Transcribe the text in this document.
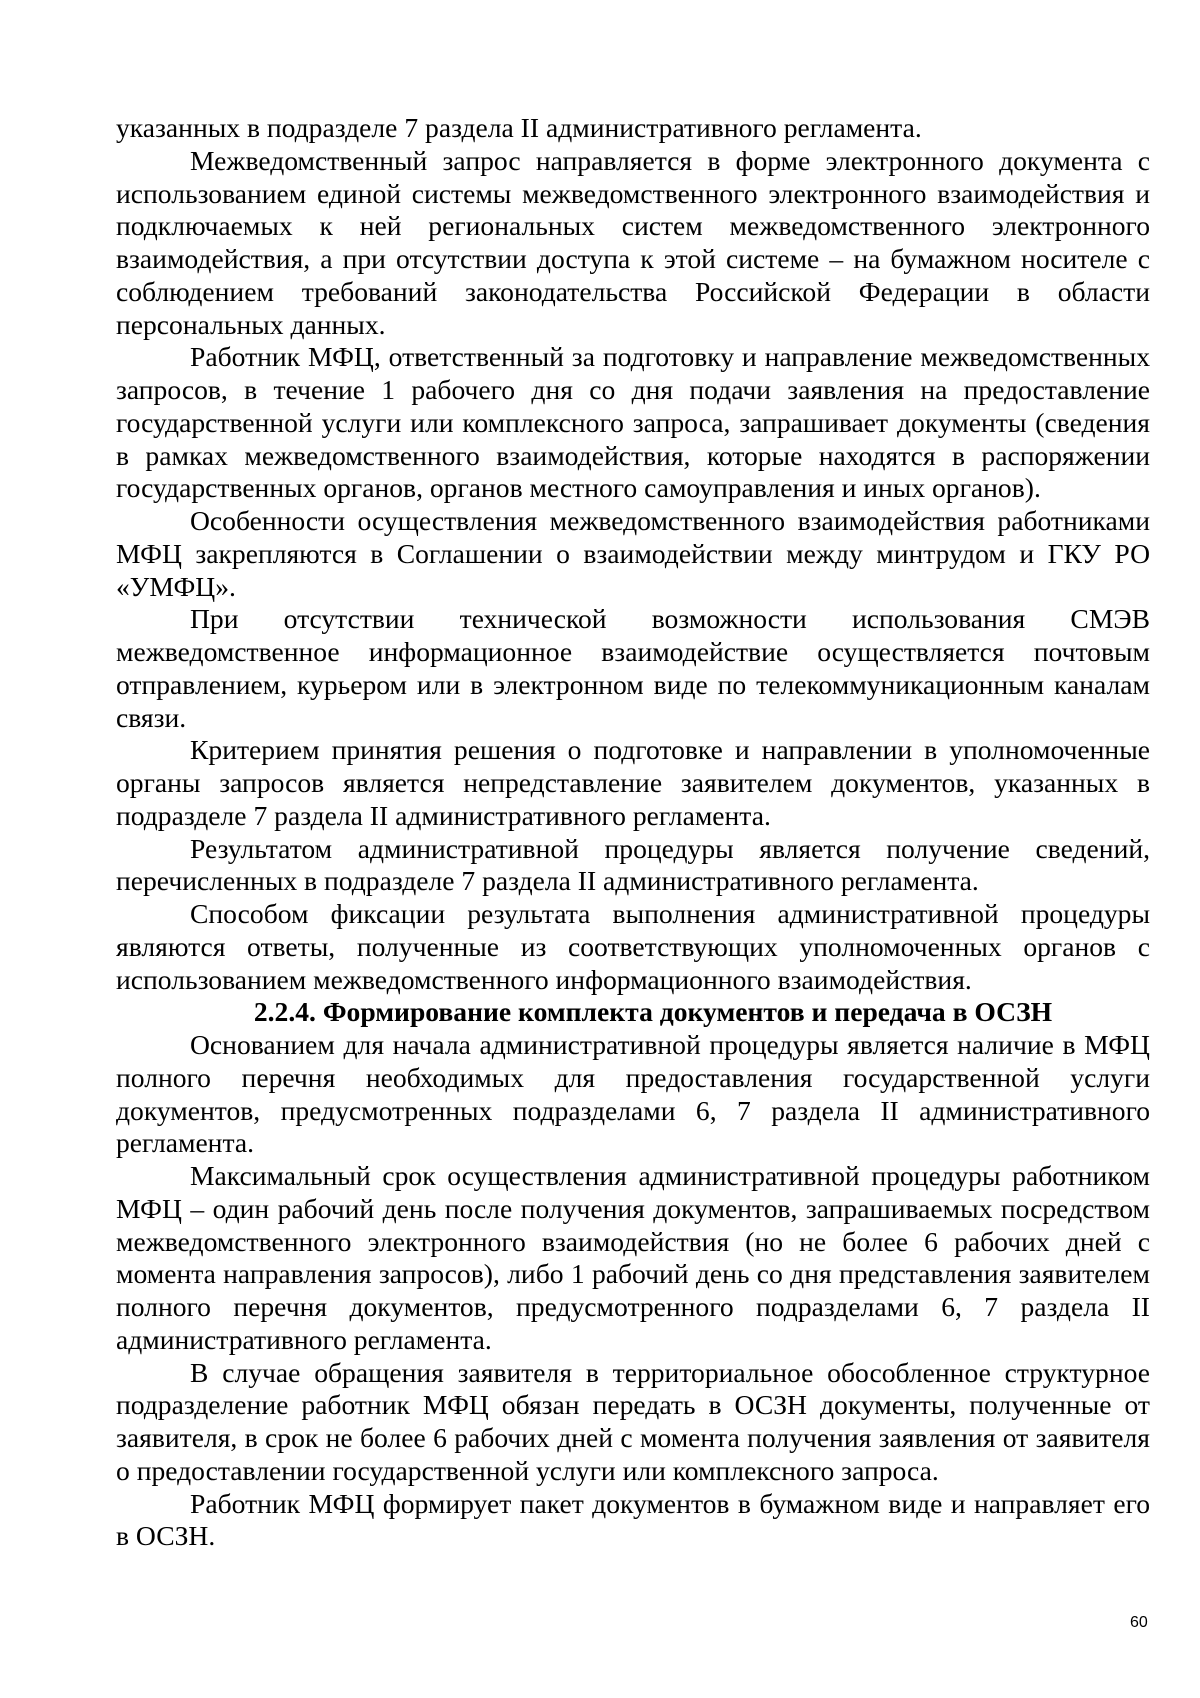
указанных в подразделе 7 раздела II административного регламента.

Межведомственный запрос направляется в форме электронного документа с использованием единой системы межведомственного электронного взаимодействия и подключаемых к ней региональных систем межведомственного электронного взаимодействия, а при отсутствии доступа к этой системе – на бумажном носителе с соблюдением требований законодательства Российской Федерации в области персональных данных.

Работник МФЦ, ответственный за подготовку и направление межведомственных запросов, в течение 1 рабочего дня со дня подачи заявления на предоставление государственной услуги или комплексного запроса, запрашивает документы (сведения в рамках межведомственного взаимодействия, которые находятся в распоряжении государственных органов, органов местного самоуправления и иных органов).

Особенности осуществления межведомственного взаимодействия работниками МФЦ закрепляются в Соглашении о взаимодействии между минтрудом и ГКУ РО «УМФЦ».

При отсутствии технической возможности использования СМЭВ межведомственное информационное взаимодействие осуществляется почтовым отправлением, курьером или в электронном виде по телекоммуникационным каналам связи.

Критерием принятия решения о подготовке и направлении в уполномоченные органы запросов является непредставление заявителем документов, указанных в подразделе 7 раздела II административного регламента.

Результатом административной процедуры является получение сведений, перечисленных в подразделе 7 раздела II административного регламента.

Способом фиксации результата выполнения административной процедуры являются ответы, полученные из соответствующих уполномоченных органов с использованием межведомственного информационного взаимодействия.

2.2.4. Формирование комплекта документов и передача в ОСЗН

Основанием для начала административной процедуры является наличие в МФЦ полного перечня необходимых для предоставления государственной услуги документов, предусмотренных подразделами 6, 7 раздела II административного регламента.

Максимальный срок осуществления административной процедуры работником МФЦ – один рабочий день после получения документов, запрашиваемых посредством межведомственного электронного взаимодействия (но не более 6 рабочих дней с момента направления запросов), либо 1 рабочий день со дня представления заявителем полного перечня документов, предусмотренного подразделами 6, 7 раздела II административного регламента.

В случае обращения заявителя в территориальное обособленное структурное подразделение работник МФЦ обязан передать в ОСЗН документы, полученные от заявителя, в срок не более 6 рабочих дней с момента получения заявления от заявителя о предоставлении государственной услуги или комплексного запроса.

Работник МФЦ формирует пакет документов в бумажном виде и направляет его в ОСЗН.

60
